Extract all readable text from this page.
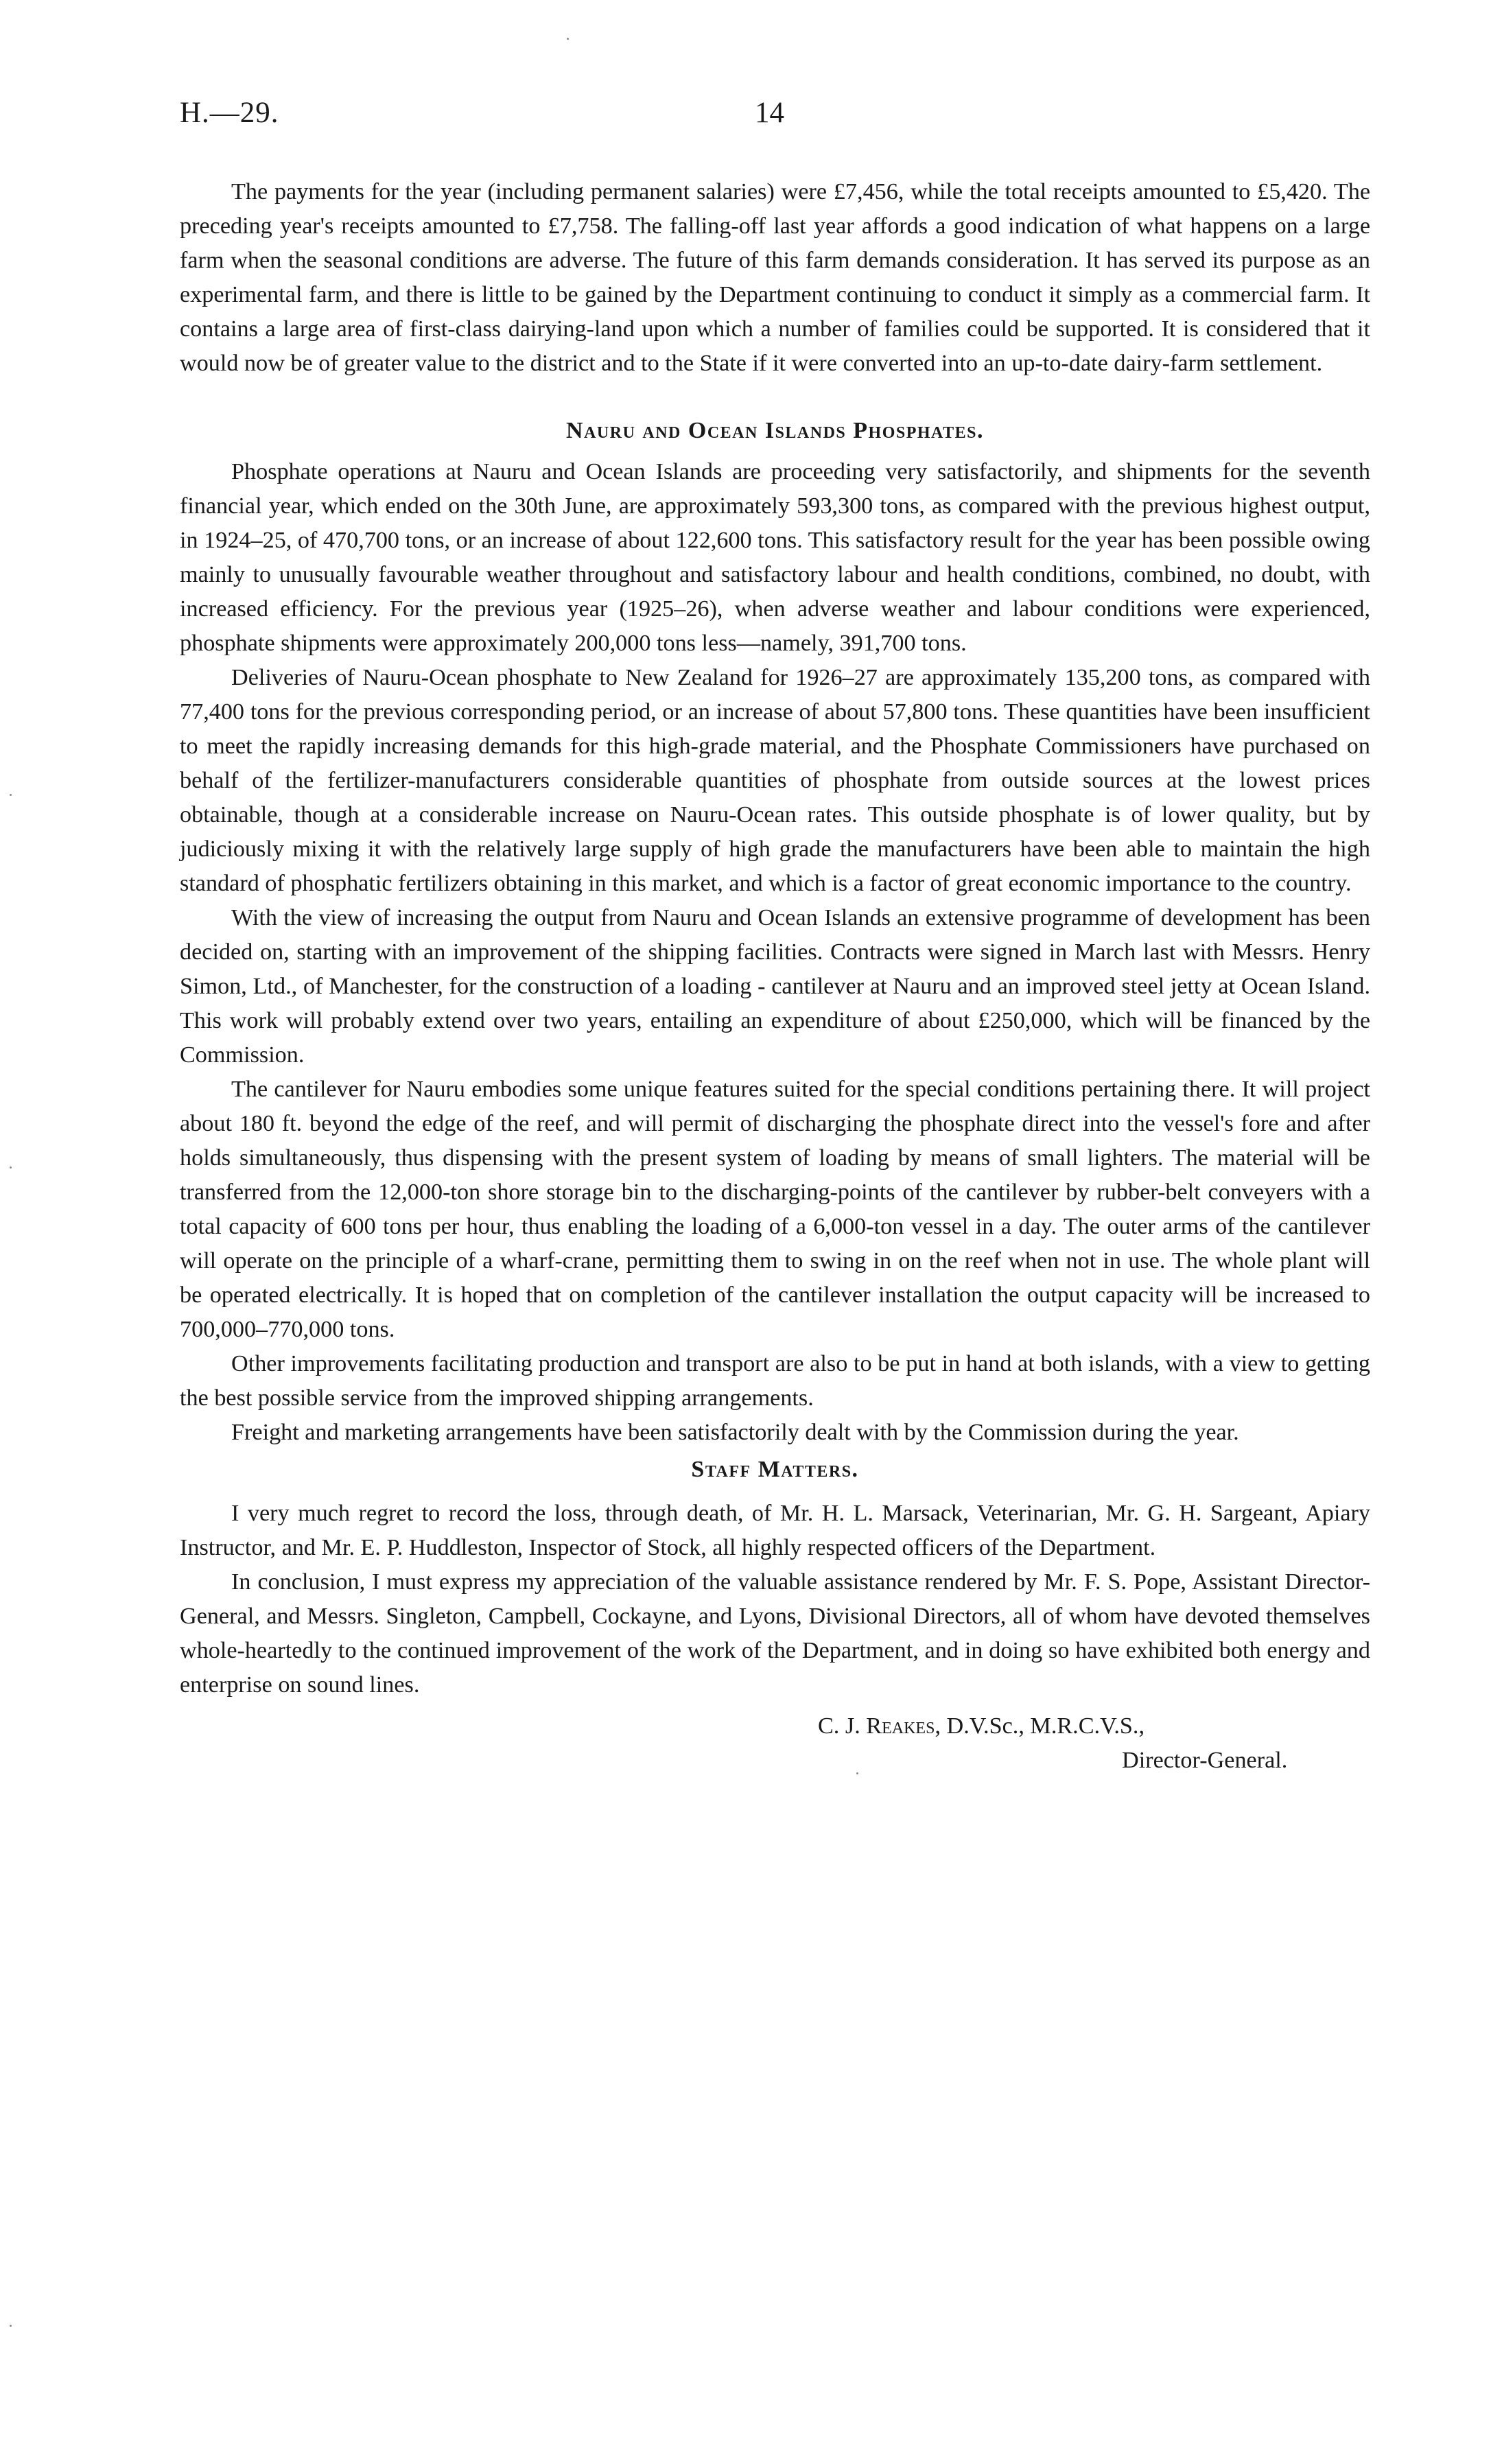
H.—29.	14

The payments for the year (including permanent salaries) were £7,456, while the total receipts amounted to £5,420. The preceding year's receipts amounted to £7,758. The falling-off last year affords a good indication of what happens on a large farm when the seasonal conditions are adverse. The future of this farm demands consideration. It has served its purpose as an experimental farm, and there is little to be gained by the Department continuing to conduct it simply as a commercial farm. It contains a large area of first-class dairying-land upon which a number of families could be supported. It is considered that it would now be of greater value to the district and to the State if it were converted into an up-to-date dairy-farm settlement.

Nauru and Ocean Islands Phosphates.

Phosphate operations at Nauru and Ocean Islands are proceeding very satisfactorily, and shipments for the seventh financial year, which ended on the 30th June, are approximately 593,300 tons, as compared with the previous highest output, in 1924–25, of 470,700 tons, or an increase of about 122,600 tons. This satisfactory result for the year has been possible owing mainly to unusually favourable weather throughout and satisfactory labour and health conditions, combined, no doubt, with increased efficiency. For the previous year (1925–26), when adverse weather and labour conditions were experienced, phosphate shipments were approximately 200,000 tons less—namely, 391,700 tons.

Deliveries of Nauru-Ocean phosphate to New Zealand for 1926–27 are approximately 135,200 tons, as compared with 77,400 tons for the previous corresponding period, or an increase of about 57,800 tons. These quantities have been insufficient to meet the rapidly increasing demands for this high-grade material, and the Phosphate Commissioners have purchased on behalf of the fertilizer-manufacturers considerable quantities of phosphate from outside sources at the lowest prices obtainable, though at a considerable increase on Nauru-Ocean rates. This outside phosphate is of lower quality, but by judiciously mixing it with the relatively large supply of high grade the manufacturers have been able to maintain the high standard of phosphatic fertilizers obtaining in this market, and which is a factor of great economic importance to the country.

With the view of increasing the output from Nauru and Ocean Islands an extensive programme of development has been decided on, starting with an improvement of the shipping facilities. Contracts were signed in March last with Messrs. Henry Simon, Ltd., of Manchester, for the construction of a loading - cantilever at Nauru and an improved steel jetty at Ocean Island. This work will probably extend over two years, entailing an expenditure of about £250,000, which will be financed by the Commission.

The cantilever for Nauru embodies some unique features suited for the special conditions pertaining there. It will project about 180 ft. beyond the edge of the reef, and will permit of discharging the phosphate direct into the vessel's fore and after holds simultaneously, thus dispensing with the present system of loading by means of small lighters. The material will be transferred from the 12,000-ton shore storage bin to the discharging-points of the cantilever by rubber-belt conveyers with a total capacity of 600 tons per hour, thus enabling the loading of a 6,000-ton vessel in a day. The outer arms of the cantilever will operate on the principle of a wharf-crane, permitting them to swing in on the reef when not in use. The whole plant will be operated electrically. It is hoped that on completion of the cantilever installation the output capacity will be increased to 700,000–770,000 tons.

Other improvements facilitating production and transport are also to be put in hand at both islands, with a view to getting the best possible service from the improved shipping arrangements.

Freight and marketing arrangements have been satisfactorily dealt with by the Commission during the year.

Staff Matters.

I very much regret to record the loss, through death, of Mr. H. L. Marsack, Veterinarian, Mr. G. H. Sargeant, Apiary Instructor, and Mr. E. P. Huddleston, Inspector of Stock, all highly respected officers of the Department.

In conclusion, I must express my appreciation of the valuable assistance rendered by Mr. F. S. Pope, Assistant Director-General, and Messrs. Singleton, Campbell, Cockayne, and Lyons, Divisional Directors, all of whom have devoted themselves whole-heartedly to the continued improvement of the work of the Department, and in doing so have exhibited both energy and enterprise on sound lines.

C. J. Reakes, D.V.Sc., M.R.C.V.S.,
Director-General.
